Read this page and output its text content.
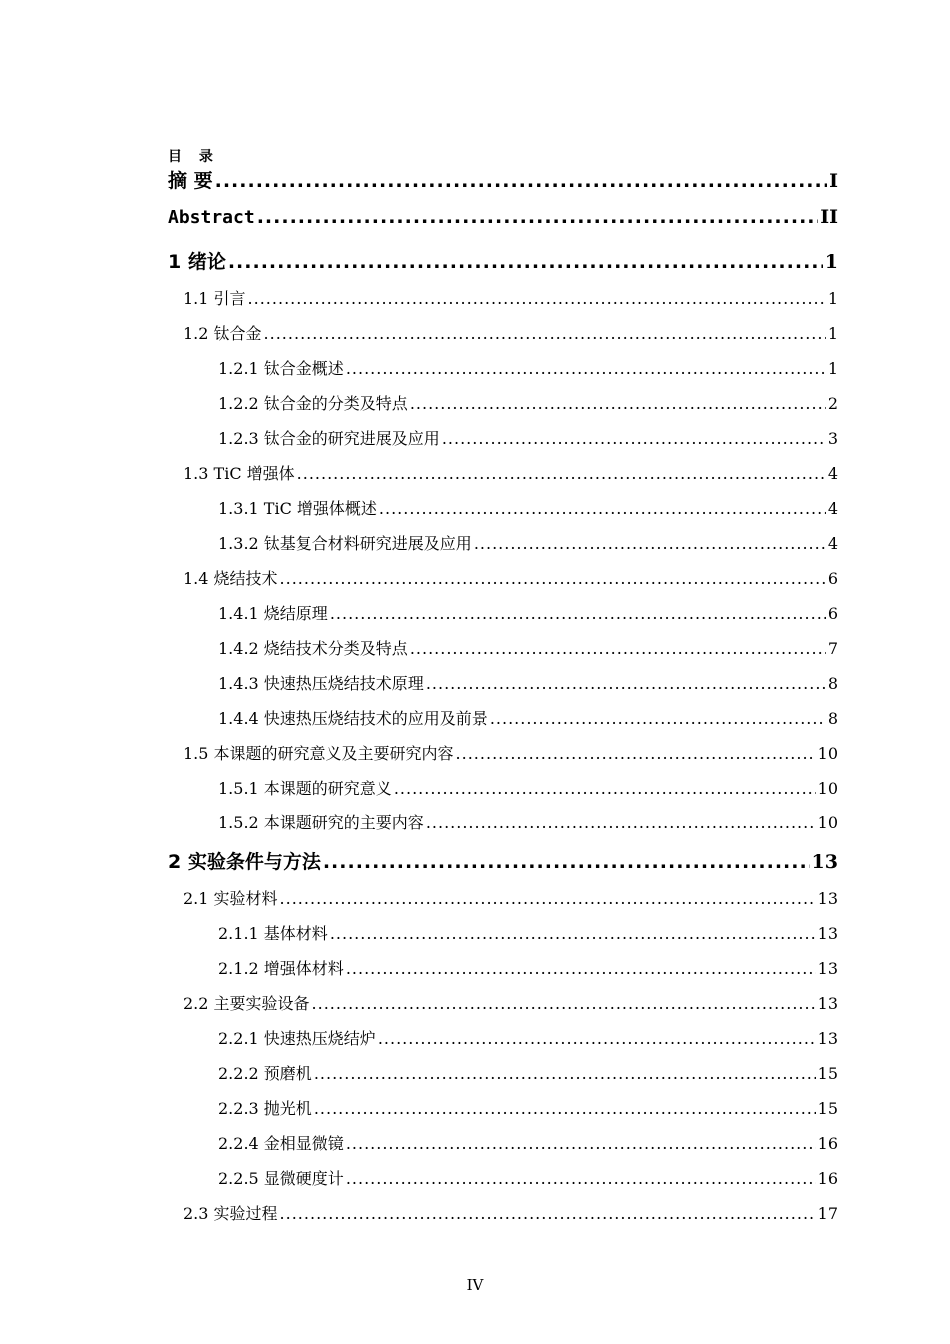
目 录
摘 要 .....	I
Abstract .....	II
1 绪论 .....	1
1.1 引言 .....	1
1.2 钛合金 .....	1
1.2.1 钛合金概述 .....	1
1.2.2 钛合金的分类及特点 .....	2
1.2.3 钛合金的研究进展及应用 .....	3
1.3 TiC 增强体 .....	4
1.3.1 TiC 增强体概述 .....	4
1.3.2 钛基复合材料研究进展及应用 .....	4
1.4 烧结技术 .....	6
1.4.1 烧结原理 .....	6
1.4.2 烧结技术分类及特点 .....	7
1.4.3 快速热压烧结技术原理 .....	8
1.4.4 快速热压烧结技术的应用及前景 .....	8
1.5 本课题的研究意义及主要研究内容 .....	10
1.5.1 本课题的研究意义 .....	10
1.5.2 本课题研究的主要内容 .....	10
2 实验条件与方法 .....	13
2.1 实验材料 .....	13
2.1.1 基体材料 .....	13
2.1.2 增强体材料 .....	13
2.2 主要实验设备 .....	13
2.2.1 快速热压烧结炉 .....	13
2.2.2 预磨机 .....	15
2.2.3 抛光机 .....	15
2.2.4 金相显微镜 .....	16
2.2.5 显微硬度计 .....	16
2.3 实验过程 .....	17
IV
